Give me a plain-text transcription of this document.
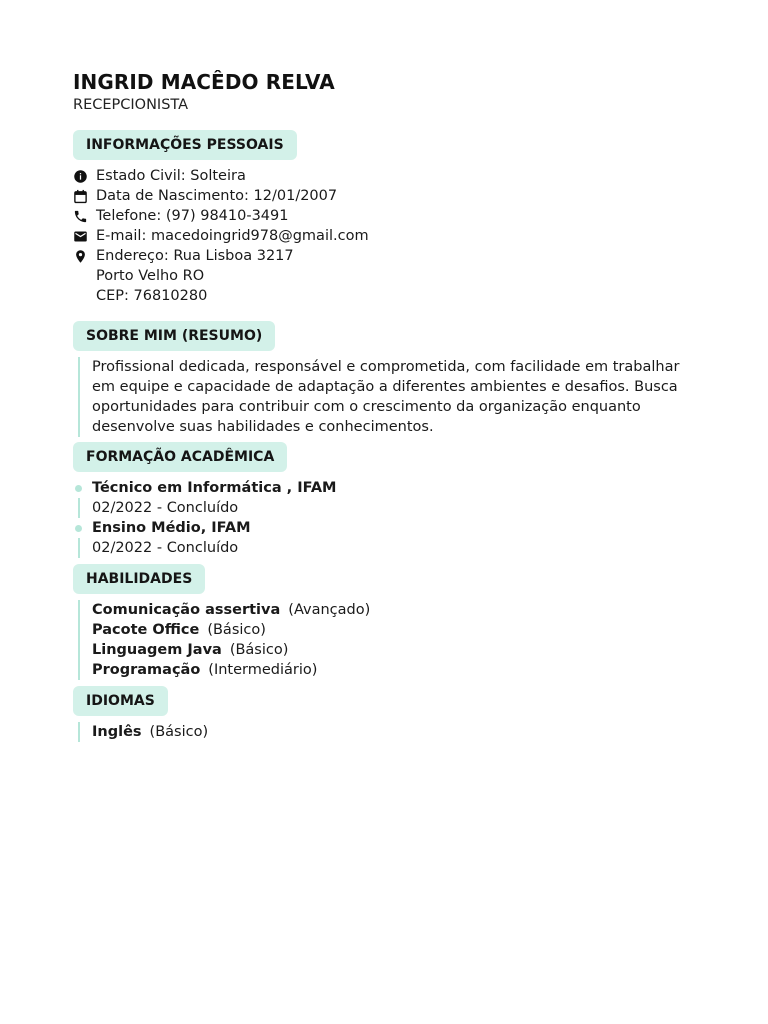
INGRID MACÊDO RELVA
RECEPCIONISTA
INFORMAÇÕES PESSOAIS
Estado Civil: Solteira
Data de Nascimento: 12/01/2007
Telefone: (97) 98410-3491
E-mail: macedoingrid978@gmail.com
Endereço: Rua Lisboa 3217
Porto Velho RO
CEP: 76810280
SOBRE MIM (RESUMO)
Profissional dedicada, responsável e comprometida, com facilidade em trabalhar em equipe e capacidade de adaptação a diferentes ambientes e desafios. Busca oportunidades para contribuir com o crescimento da organização enquanto desenvolve suas habilidades e conhecimentos.
FORMAÇÃO ACADÊMICA
Técnico em Informática , IFAM
02/2022 - Concluído
Ensino Médio, IFAM
02/2022 - Concluído
HABILIDADES
Comunicação assertiva (Avançado)
Pacote Office (Básico)
Linguagem Java (Básico)
Programação (Intermediário)
IDIOMAS
Inglês (Básico)
